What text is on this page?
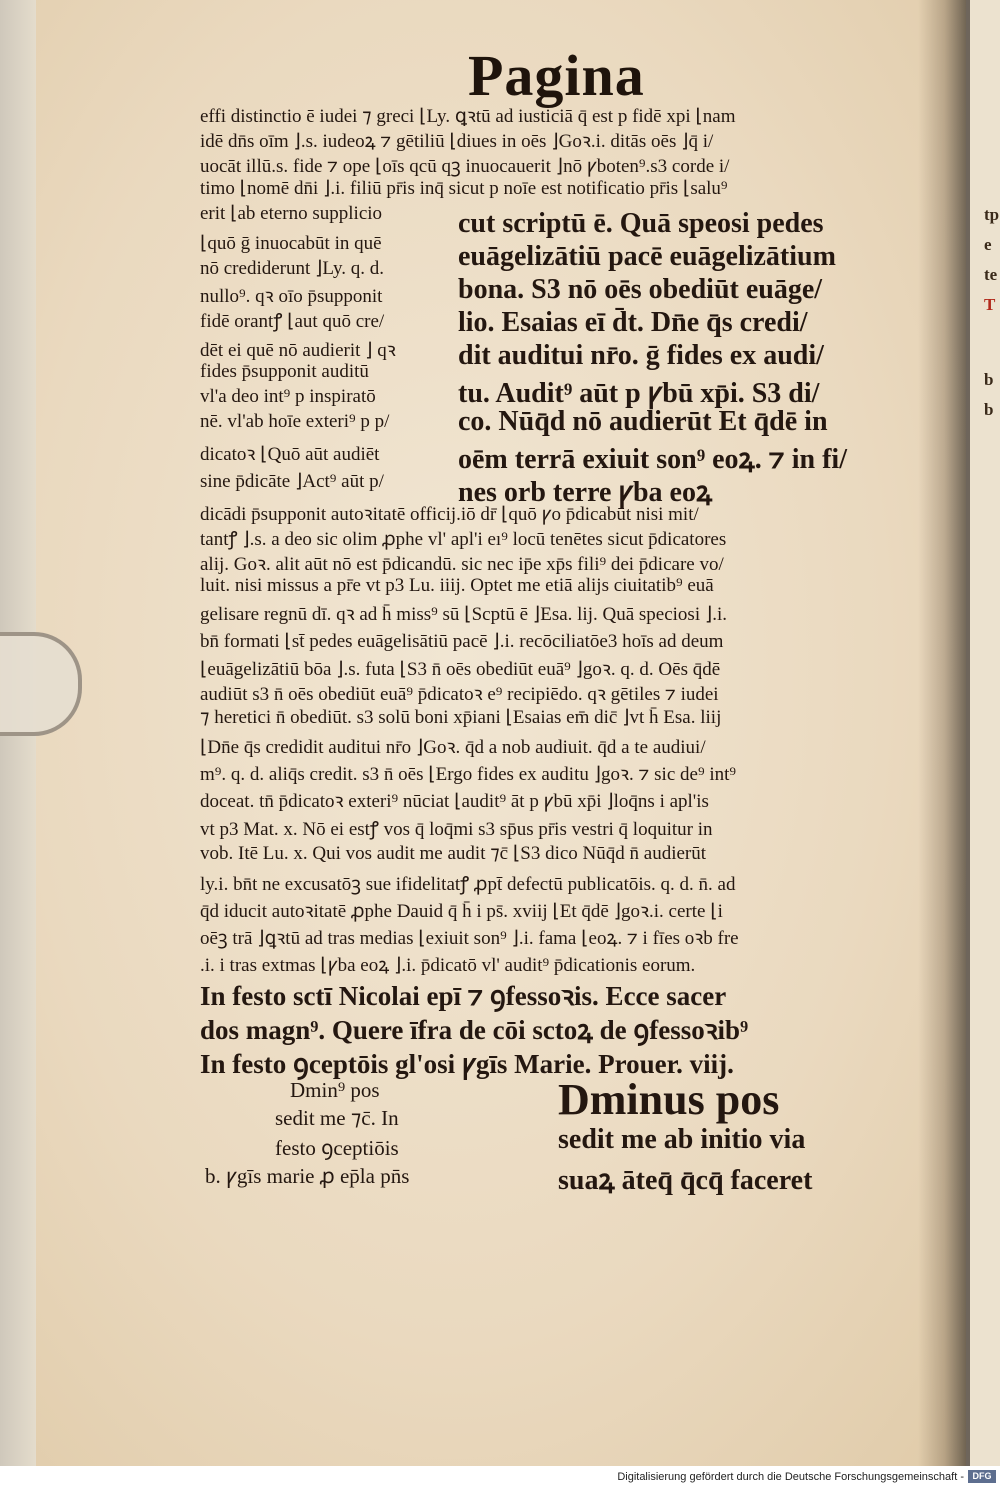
tp
e
te
T
b
b
Pagina
effi distinctio ē iudei ⁊ greci ⌊Ly. ꝗꝛtū ad iusticiā q̄ est p fidē xpi ⌊nam
idē dn̄s oīm ⌋.s. iudeoꝝ ⁊ gētiliū ⌊diues in oēs ⌋Goꝛ.i. ditās oēs ⌋q̄ i/
uocāt illū.s. fide ⁊ ope ⌊oīs qcū qꝫ inuocauerit ⌋nō ꝩboten⁹.s3 corde i/
timo ⌊nomē dn̄i ⌋.i. filiū pr̄is inq̄ sicut p noīe est notificatio pr̄is ⌊salu⁹
erit ⌊ab eterno supplicio
⌊quō ḡ inuocabūt in quē
nō crediderunt ⌋Ly. q. d.
nullo⁹. qꝛ oīo p̄supponit
fidē orantꝭ ⌊aut quō cre/
dēt ei quē nō audierit ⌋ qꝛ
fides p̄supponit auditū
vl'a deo int⁹ p inspiratō
nē. vl'ab hoīe exteri⁹ p p/
dicatoꝛ ⌊Quō aūt audiēt
sine p̄dicāte ⌋Act⁹ aūt p/
cut scriptū ē. Quā speosi pedes
euāgelizātiū pacē euāgelizātium
bona. S3 nō oēs obediūt euāge/
lio. Esaias eī d̄t. Dn̄e q̄s credi/
dit auditui nr̄o. ḡ fides ex audi/
tu. Audit⁹ aūt p ꝩbū xp̄i. S3 di/
co. Nūq̄d nō audierūt Et q̄dē in
oēm terrā exiuit son⁹ eoꝝ. ⁊ in fi/
nes orb terre ꝩba eoꝝ
dicādi p̄supponit autoꝛitatē officij.iō dr̄ ⌊quō ꝩo p̄dicabūt nisi mit/
tantꝭ ⌋.s. a deo sic olim ꝓphe vl' apl'i eı⁹ locū tenētes sicut p̄dicatores
alij. Goꝛ. alit aūt nō est p̄dicandū. sic nec ip̄e xp̄s fili⁹ dei p̄dicare vo/
luit. nisi missus a pr̄e vt p3 Lu. iiij. Optet me etiā alijs ciuitatib⁹ euā
gelisare regnū dī. qꝛ ad h̄ miss⁹ sū ⌊Scptū ē ⌋Esa. lij. Quā speciosi ⌋.i.
bn̄ formati ⌊st̄ pedes euāgelisātiū pacē ⌋.i. recōciliatōe3 hoīs ad deum
⌊euāgelizātiū bōa ⌋.s. futa ⌊S3 n̄ oēs obediūt euā⁹ ⌋goꝛ. q. d. Oēs q̄dē
audiūt s3 n̄ oēs obediūt euā⁹ p̄dicatoꝛ e⁹ recipiēdo. qꝛ gētiles ⁊ iudei
⁊ heretici n̄ obediūt. s3 solū boni xp̄iani ⌊Esaias em̄ dic̄ ⌋vt h̄ Esa. liij
⌊Dn̄e q̄s credidit auditui nr̄o ⌋Goꝛ. q̄d a nob audiuit. q̄d a te audiui/
m⁹. q. d. aliq̄s credit. s3 n̄ oēs ⌊Ergo fides ex auditu ⌋goꝛ. ⁊ sic de⁹ int⁹
doceat. tn̄ p̄dicatoꝛ exteri⁹ nūciat ⌊audit⁹ āt p ꝩbū xp̄i ⌋loq̄ns i apl'is
vt p3 Mat. x. Nō ei estꝭ vos q̄ loq̄mi s3 sp̄us pr̄is vestri q̄ loquitur in
vob. Itē Lu. x. Qui vos audit me audit ⁊c̄ ⌊S3 dico Nūq̄d n̄ audierūt
ly.i. bn̄t ne excusatōꝫ sue ifidelitatꝭ ꝓpt̄ defectū publicatōis. q. d. n̄. ad
q̄d iducit autoꝛitatē ꝓphe Dauid q̄ h̄ i ps̄. xviij ⌊Et q̄dē ⌋goꝛ.i. certe ⌊i
oēꝫ trā ⌋ꝗꝛtū ad tras medias ⌊exiuit son⁹ ⌋.i. fama ⌊eoꝝ. ⁊ i fīes oꝛb fre
.i. i tras extmas ⌊ꝩba eoꝝ ⌋.i. p̄dicatō vl' audit⁹ p̄dicationis eorum.
In festo sctī Nicolai epī ⁊ ꝯfessoꝛis. Ecce sacer
dos magn⁹. Quere īfra de cōi sctoꝝ de ꝯfessoꝛib⁹
In festo ꝯceptōis gl'osi ꝩgīs Marie. Prouer. viij.
Dmin⁹ pos
sedit me ⁊c̄. In
festo ꝯceptiōis
b. ꝩgīs marie ꝓ ep̄la pn̄s
Dminus pos
sedit me ab initio via
suaꝝ āteq̄ q̄cq̄ faceret
Digitalisierung gefördert durch die Deutsche Forschungsgemeinschaft - DFG
